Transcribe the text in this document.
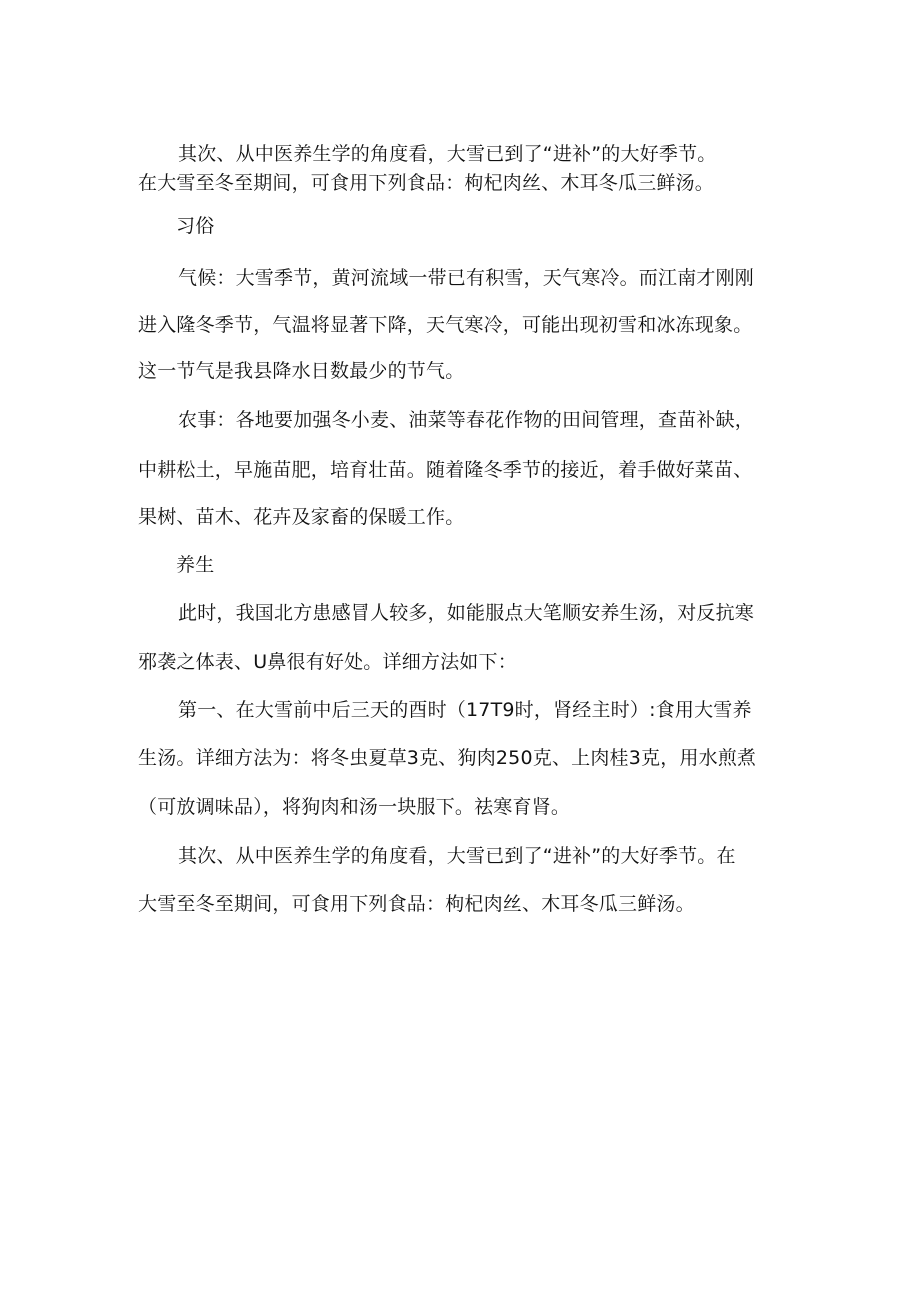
其次、从中医养生学的角度看，大雪已到了“进补”的大好季节。
在大雪至冬至期间，可食用下列食品：枸杞肉丝、木耳冬瓜三鲜汤。
习俗
气候：大雪季节，黄河流域一带已有积雪，天气寒冷。而江南才刚刚
进入隆冬季节，气温将显著下降，天气寒冷，可能出现初雪和冰冻现象。
这一节气是我县降水日数最少的节气。
农事：各地要加强冬小麦、油菜等春花作物的田间管理，查苗补缺，
中耕松土，早施苗肥，培育壮苗。随着隆冬季节的接近，着手做好菜苗、
果树、苗木、花卉及家畜的保暖工作。
养生
此时，我国北方患感冒人较多，如能服点大笔顺安养生汤，对反抗寒
邪袭之体表、U鼻很有好处。详细方法如下：
第一、在大雪前中后三天的酉时（17T9时，肾经主时）:食用大雪养
生汤。详细方法为：将冬虫夏草3克、狗肉250克、上肉桂3克，用水煎煮
（可放调味品），将狗肉和汤一块服下。祛寒育肾。
其次、从中医养生学的角度看，大雪已到了“进补”的大好季节。在
大雪至冬至期间，可食用下列食品：枸杞肉丝、木耳冬瓜三鲜汤。
